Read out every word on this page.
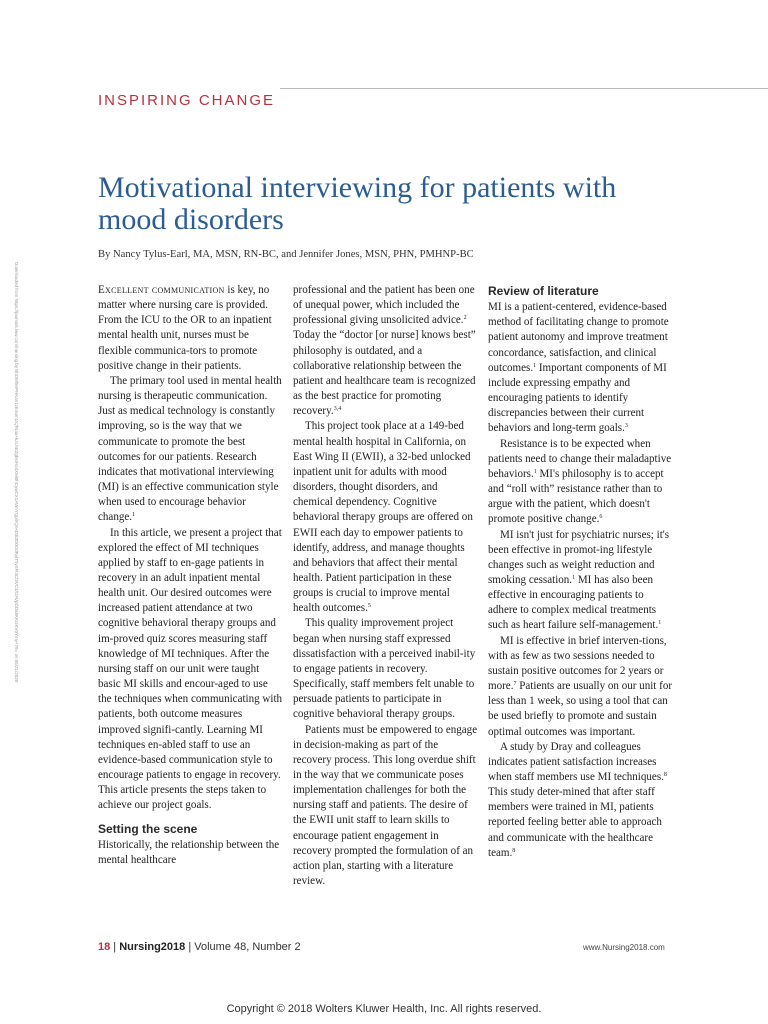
INSPIRING CHANGE
Motivational interviewing for patients with mood disorders
By Nancy Tylus-Earl, MA, MSN, RN-BC, and Jennifer Jones, MSN, PHN, PMHNP-BC
Downloaded from https://journals.lww.com/nursing by BhDMf5ePHKav1zEoum1tQfN4a+kJLhEZgbsIHo4XMi0hCywCX1AWnYQp/IlQrHD3i3D0OdRyi7TvSFl4Cf3VC4/OAVpDDa8KKGKV0Ymy+78= on 05/21/2020	Excellent communication is key, no matter where nursing care is provided. From the ICU to the OR to an inpatient mental health unit, nurses must be flexible communica-tors to promote positive change in their patients.

The primary tool used in mental health nursing is therapeutic communication. Just as medical technology is constantly improving, so is the way that we communicate to promote the best outcomes for our patients. Research indicates that motivational interviewing (MI) is an effective communication style when used to encourage behavior change.$^1$

In this article, we present a project that explored the effect of MI techniques applied by staff to en-gage patients in recovery in an adult inpatient mental health unit. Our desired outcomes were increased patient attendance at two cognitive behavioral therapy groups and im-proved quiz scores measuring staff knowledge of MI techniques. After the nursing staff on our unit were taught basic MI skills and encour-aged to use the techniques when communicating with patients, both outcome measures improved signifi-cantly. Learning MI techniques en-abled staff to use an evidence-based communication style to encourage patients to engage in recovery. This article presents the steps taken to achieve our project goals.

Setting the scene

Historically, the relationship between the mental healthcare

professional and the patient has been one of unequal power, which included the professional giving unsolicited advice.$^2$ Today the “doctor [or nurse] knows best” philosophy is outdated, and a collaborative relationship between the patient and healthcare team is recognized as the best practice for promoting recovery.$^{3,4}$

This project took place at a 149-bed mental health hospital in California, on East Wing II (EWII), a 32-bed unlocked inpatient unit for adults with mood disorders, thought disorders, and chemical dependency. Cognitive behavioral therapy groups are offered on EWII each day to empower patients to identify, address, and manage thoughts and behaviors that affect their mental health. Patient participation in these groups is crucial to improve mental health outcomes.$^5$

This quality improvement project began when nursing staff expressed dissatisfaction with a perceived inabil-ity to engage patients in recovery. Specifically, staff members felt unable to persuade patients to participate in cognitive behavioral therapy groups.

Patients must be empowered to engage in decision-making as part of the recovery process. This long overdue shift in the way that we communicate poses implementation challenges for both the nursing staff and patients. The desire of the EWII unit staff to learn skills to encourage patient engagement in recovery prompted the formulation of an action plan, starting with a literature review.

Review of literature

MI is a patient-centered, evidence-based method of facilitating change to promote patient autonomy and improve treatment concordance, satisfaction, and clinical outcomes.$^1$ Important components of MI include expressing empathy and encouraging patients to identify discrepancies between their current behaviors and long-term goals.$^3$

Resistance is to be expected when patients need to change their maladaptive behaviors.$^1$ MI's philosophy is to accept and “roll with” resistance rather than to argue with the patient, which doesn't promote positive change.$^6$

MI isn't just for psychiatric nurses; it's been effective in promot-ing lifestyle changes such as weight reduction and smoking cessation.$^1$ MI has also been effective in encouraging patients to adhere to complex medical treatments such as heart failure self-management.$^1$

MI is effective in brief interven-tions, with as few as two sessions needed to sustain positive outcomes for 2 years or more.$^7$ Patients are usually on our unit for less than 1 week, so using a tool that can be used briefly to promote and sustain optimal outcomes was important.

A study by Dray and colleagues indicates patient satisfaction increases when staff members use MI techniques.$^8$ This study deter-mined that after staff members were trained in MI, patients reported feeling better able to approach and communicate with the healthcare team.$^8$

18 | Nursing2018 | Volume 48, Number 2	www.Nursing2018.com
Copyright © 2018 Wolters Kluwer Health, Inc. All rights reserved.
